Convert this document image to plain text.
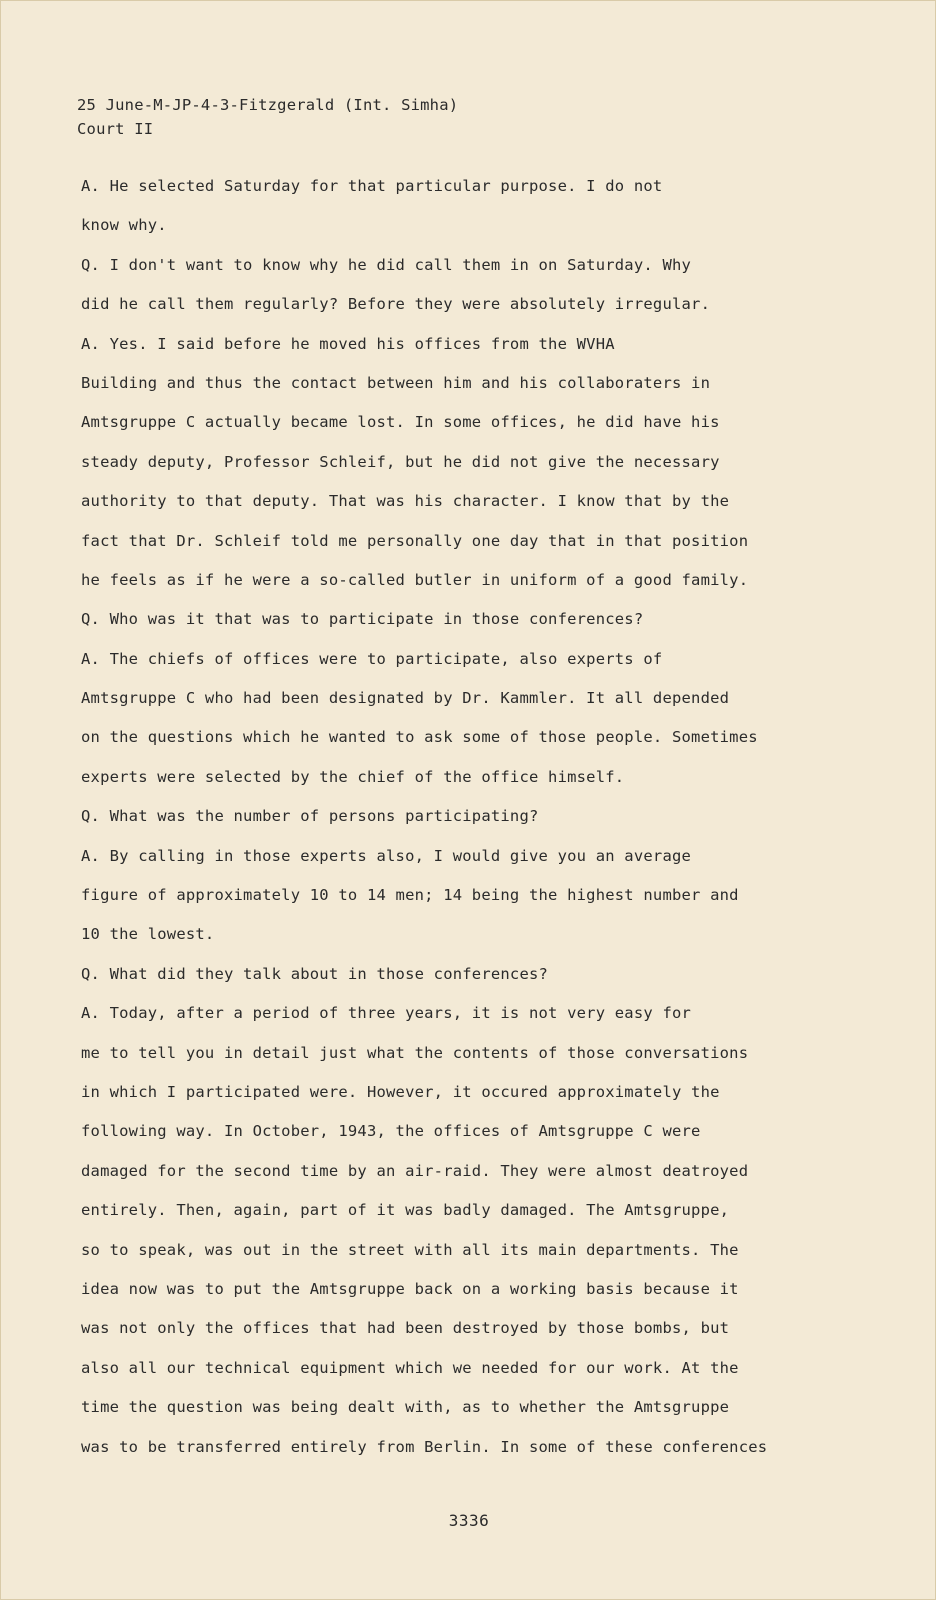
25 June-M-JP-4-3-Fitzgerald (Int. Simha)
Court II
A. He selected Saturday for that particular purpose. I do not
know why.
Q. I don't want to know why he did call them in on Saturday. Why
did he call them regularly? Before they were absolutely irregular.
A. Yes. I said before he moved his offices from the WVHA
Building and thus the contact between him and his collaboraters in
Amtsgruppe C actually became lost. In some offices, he did have his
steady deputy, Professor Schleif, but he did not give the necessary
authority to that deputy. That was his character. I know that by the
fact that Dr. Schleif told me personally one day that in that position
he feels as if he were a so-called butler in uniform of a good family.
Q. Who was it that was to participate in those conferences?
A. The chiefs of offices were to participate, also experts of
Amtsgruppe C who had been designated by Dr. Kammler. It all depended
on the questions which he wanted to ask some of those people. Sometimes
experts were selected by the chief of the office himself.
Q. What was the number of persons participating?
A. By calling in those experts also, I would give you an average
figure of approximately 10 to 14 men; 14 being the highest number and
10 the lowest.
Q. What did they talk about in those conferences?
A. Today, after a period of three years, it is not very easy for
me to tell you in detail just what the contents of those conversations
in which I participated were. However, it occured approximately the
following way. In October, 1943, the offices of Amtsgruppe C were
damaged for the second time by an air-raid. They were almost deatroyed
entirely. Then, again, part of it was badly damaged. The Amtsgruppe,
so to speak, was out in the street with all its main departments. The
idea now was to put the Amtsgruppe back on a working basis because it
was not only the offices that had been destroyed by those bombs, but
also all our technical equipment which we needed for our work. At the
time the question was being dealt with, as to whether the Amtsgruppe
was to be transferred entirely from Berlin. In some of these conferences
3336
